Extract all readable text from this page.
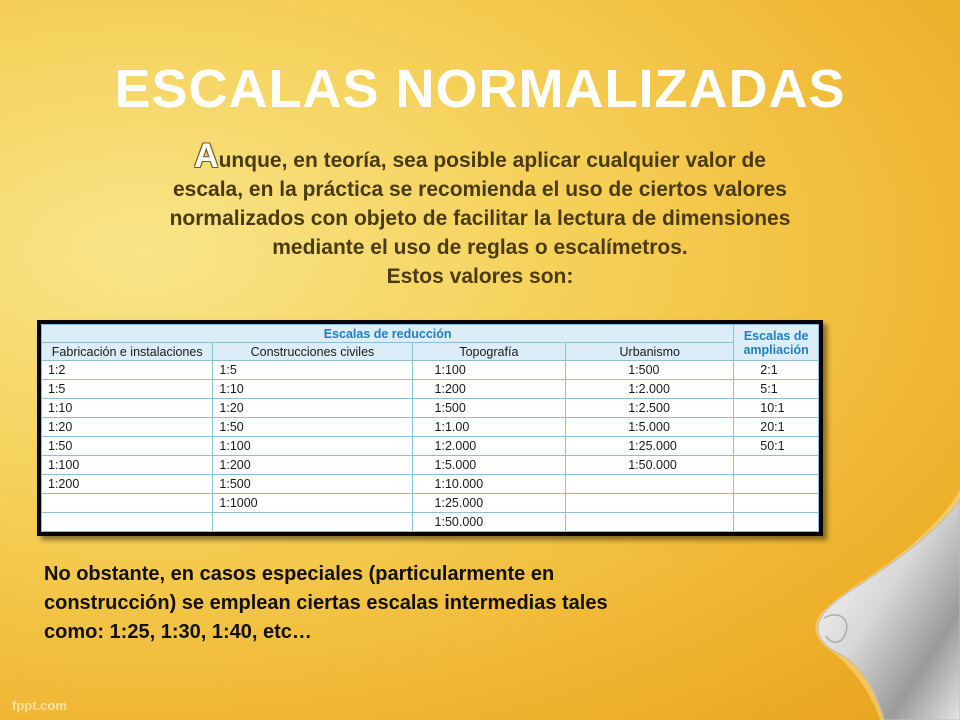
ESCALAS NORMALIZADAS
Aunque, en teoría, sea posible aplicar cualquier valor de
escala, en la práctica se recomienda el uso de ciertos valores
normalizados con objeto de facilitar la lectura de dimensiones
mediante el uso de reglas o escalímetros.
Estos valores son:
Escalas de reducción				Escalas de ampliación
Fabricación e instalaciones	Construcciones civiles	Topografía	Urbanismo	
1:2	1:5	1:100	1:500	2:1
1:5	1:10	1:200	1:2.000	5:1
1:10	1:20	1:500	1:2.500	10:1
1:20	1:50	1:1.00	1:5.000	20:1
1:50	1:100	1:2.000	1:25.000	50:1
1:100	1:200	1:5.000	1:50.000	
1:200	1:500	1:10.000		
	1:1000	1:25.000		
		1:50.000		
No obstante, en casos especiales (particularmente en
construcción) se emplean ciertas escalas intermedias tales
como: 1:25, 1:30, 1:40, etc…
fppt.com
